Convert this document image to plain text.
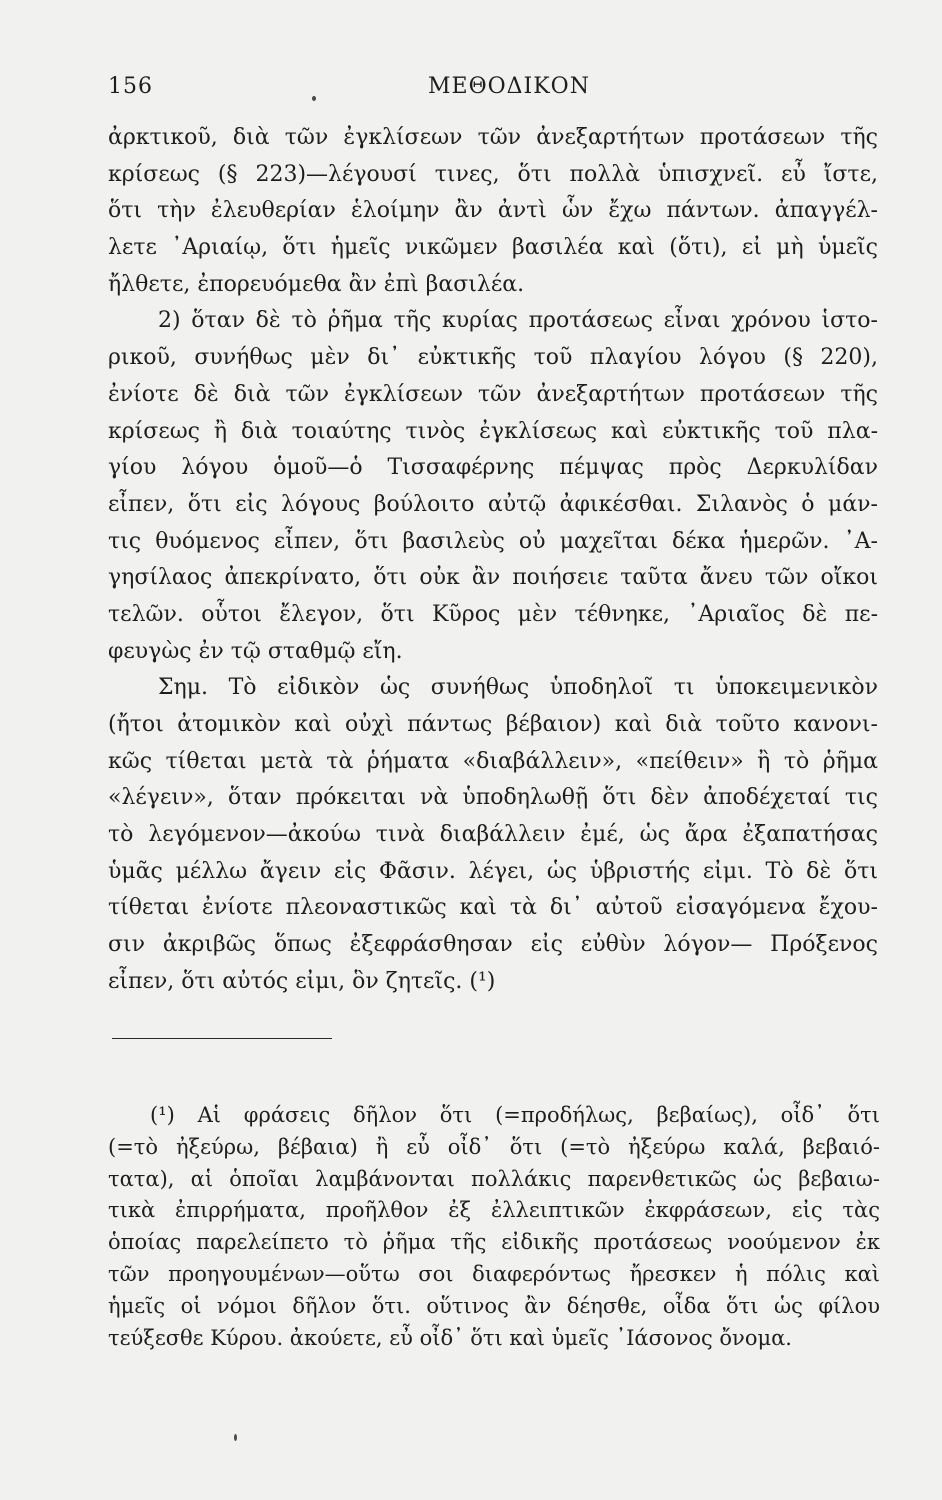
156	ΜΕΘΟΔΙΚΟΝ
ἀρκτικοῦ, διὰ τῶν ἐγκλίσεων τῶν ἀνεξαρτήτων προτάσεων τῆς
κρίσεως (§ 223)—λέγουσί τινες, ὅτι πολλὰ ὑπισχνεῖ. εὖ ἴστε,
ὅτι τὴν ἐλευθερίαν ἑλοίμην ἂν ἀντὶ ὧν ἔχω πάντων. ἀπαγγέλ-
λετε ᾿Αριαίῳ, ὅτι ἡμεῖς νικῶμεν βασιλέα καὶ (ὅτι), εἰ μὴ ὑμεῖς
ἤλθετε, ἐπορευόμεθα ἂν ἐπὶ βασιλέα.
2) ὅταν δὲ τὸ ῥῆμα τῆς κυρίας προτάσεως εἶναι χρόνου ἱστο-
ρικοῦ, συνήθως μὲν δι᾿ εὐκτικῆς τοῦ πλαγίου λόγου (§ 220),
ἐνίοτε δὲ διὰ τῶν ἐγκλίσεων τῶν ἀνεξαρτήτων προτάσεων τῆς
κρίσεως ἢ διὰ τοιαύτης τινὸς ἐγκλίσεως καὶ εὐκτικῆς τοῦ πλα-
γίου λόγου ὁμοῦ—ὁ Τισσαφέρνης πέμψας πρὸς Δερκυλίδαν
εἶπεν, ὅτι εἰς λόγους βούλοιτο αὐτῷ ἀφικέσθαι. Σιλανὸς ὁ μάν-
τις θυόμενος εἶπεν, ὅτι βασιλεὺς οὐ μαχεῖται δέκα ἡμερῶν. ᾿Α-
γησίλαος ἀπεκρίνατο, ὅτι οὐκ ἂν ποιήσειε ταῦτα ἄνευ τῶν οἴκοι
τελῶν. οὗτοι ἔλεγον, ὅτι Κῦρος μὲν τέθνηκε, ᾿Αριαῖος δὲ πε-
φευγὼς ἐν τῷ σταθμῷ εἴη.
Σημ. Τὸ εἰδικὸν ὡς συνήθως ὑποδηλοῖ τι ὑποκειμενικὸν
(ἤτοι ἀτομικὸν καὶ οὐχὶ πάντως βέβαιον) καὶ διὰ τοῦτο κανονι-
κῶς τίθεται μετὰ τὰ ῥήματα «διαβάλλειν», «πείθειν» ἢ τὸ ῥῆμα
«λέγειν», ὅταν πρόκειται νὰ ὑποδηλωθῇ ὅτι δὲν ἀποδέχεταί τις
τὸ λεγόμενον—ἀκούω τινὰ διαβάλλειν ἐμέ, ὡς ἄρα ἐξαπατήσας
ὑμᾶς μέλλω ἄγειν εἰς Φᾶσιν. λέγει, ὡς ὑβριστής εἰμι. Τὸ δὲ ὅτι
τίθεται ἐνίοτε πλεοναστικῶς καὶ τὰ δι᾿ αὐτοῦ εἰσαγόμενα ἔχου-
σιν ἀκριβῶς ὅπως ἐξεφράσθησαν εἰς εὐθὺν λόγον— Πρόξενος
εἶπεν, ὅτι αὐτός εἰμι, ὃν ζητεῖς. (¹)
(¹) Αἱ φράσεις δῆλον ὅτι (=προδήλως, βεβαίως), οἶδ᾿ ὅτι
(=τὸ ἠξεύρω, βέβαια) ἢ εὖ οἶδ᾿ ὅτι (=τὸ ἠξεύρω καλά, βεβαιό-
τατα), αἱ ὁποῖαι λαμβάνονται πολλάκις παρενθετικῶς ὡς βεβαιω-
τικὰ ἐπιρρήματα, προῆλθον ἐξ ἐλλειπτικῶν ἐκφράσεων, εἰς τὰς
ὁποίας παρελείπετο τὸ ῥῆμα τῆς εἰδικῆς προτάσεως νοούμενον ἐκ
τῶν προηγουμένων—οὕτω σοι διαφερόντως ἤρεσκεν ἡ πόλις καὶ
ἡμεῖς οἱ νόμοι δῆλον ὅτι. οὕτινος ἂν δέησθε, οἶδα ὅτι ὡς φίλου
τεύξεσθε Κύρου. ἀκούετε, εὖ οἶδ᾿ ὅτι καὶ ὑμεῖς ᾿Ιάσονος ὄνομα.
